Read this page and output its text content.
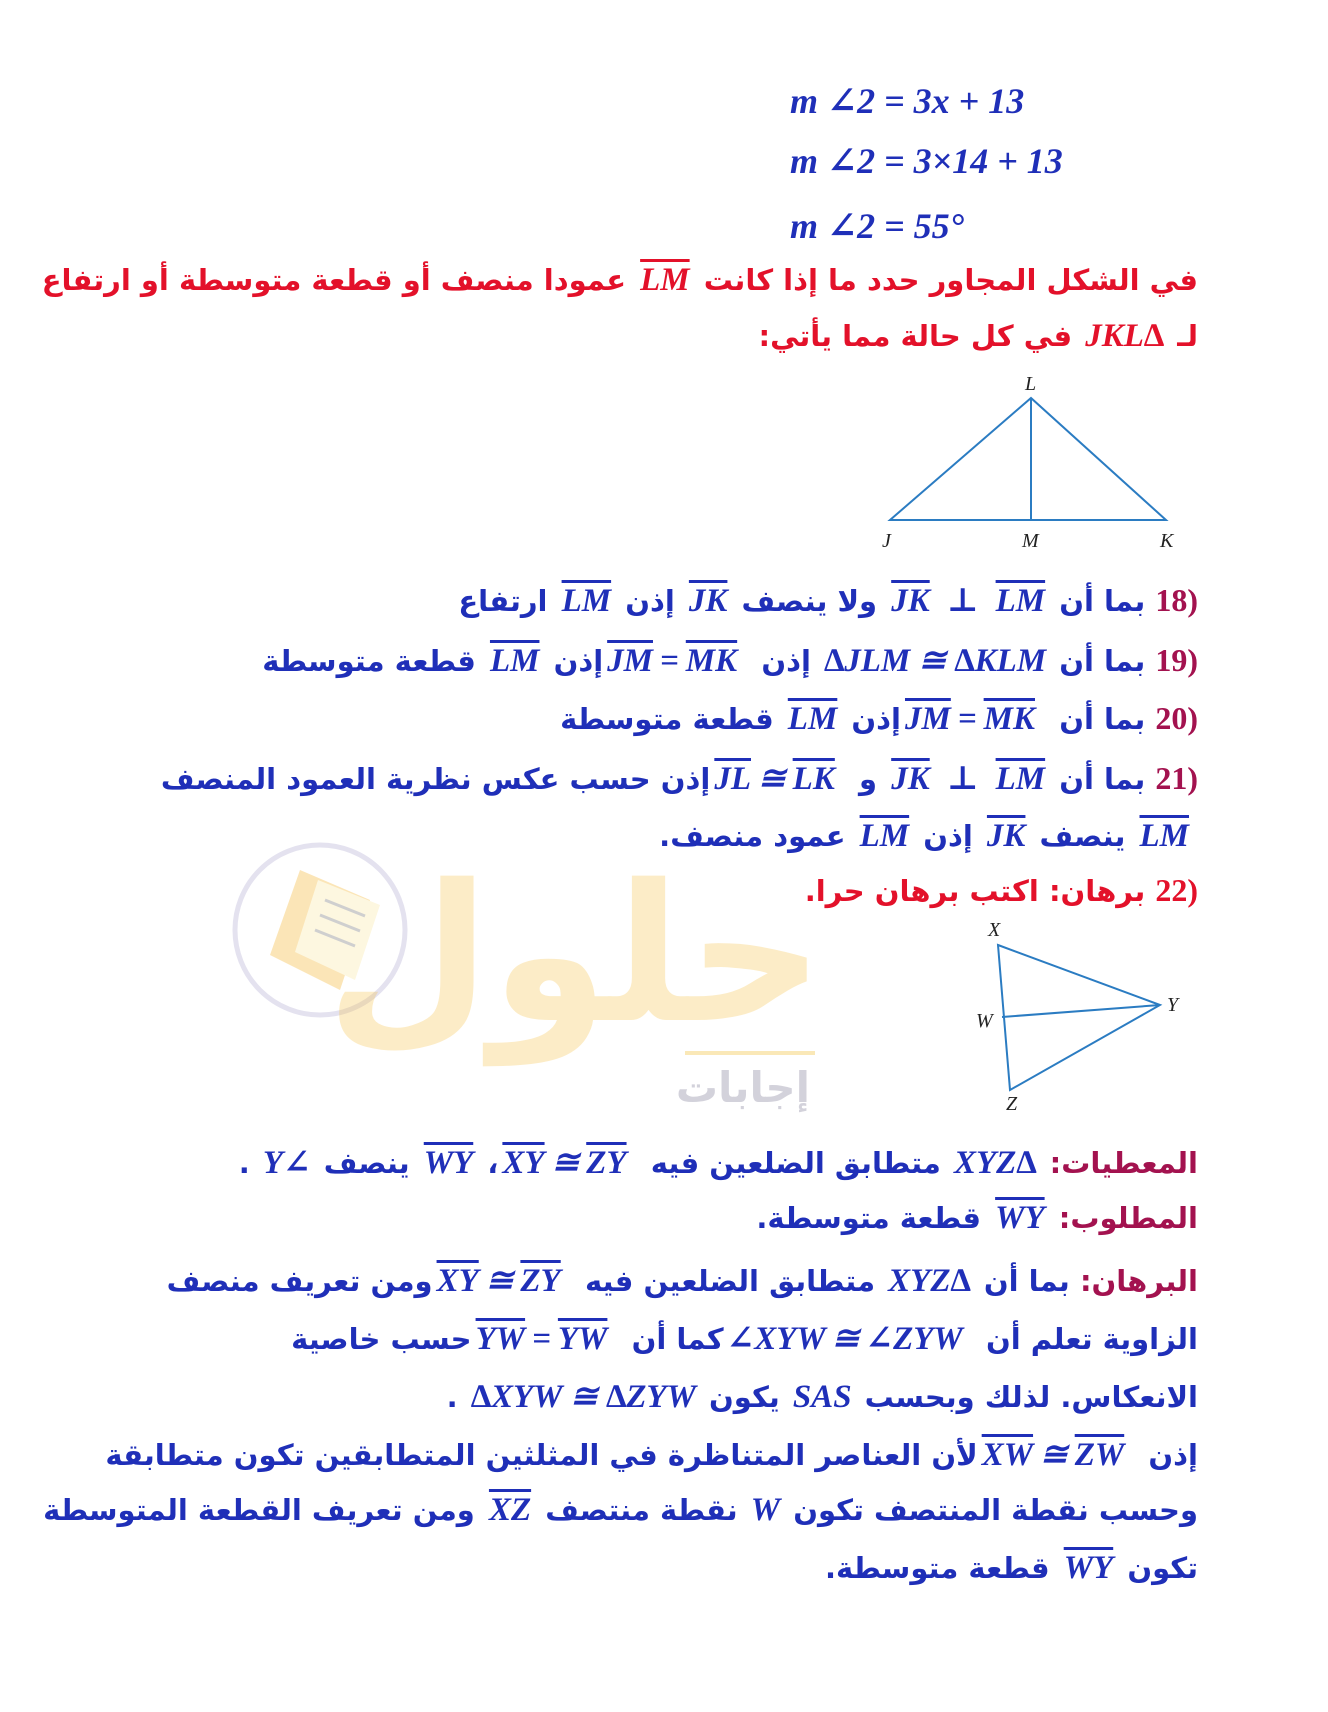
m ∠2 = 3x + 13
m ∠2 = 3×14 + 13
m ∠2 = 55°
في الشكل المجاور حدد ما إذا كانت LM عمودا منصف أو قطعة متوسطة أو ارتفاع
لـ ∆JKL في كل حالة مما يأتي:
L
J	M	K
(18 بما أن JK ⊥ LM ولا ينصف JK إذن LM ارتفاع
(19 بما أن ∆JLM ≅ ∆KLM إذن $\overline{JM} = \overline{MK}$ إذن LM قطعة متوسطة
(20 بما أن $\overline{JM} = \overline{MK}$ إذن LM قطعة متوسطة
(21 بما أن JK ⊥ LM و $\overline{JL}$ ≅ $\overline{LK}$ إذن حسب عكس نظرية العمود المنصف
LM ينصف JK إذن LM عمود منصف.
(22 برهان: اكتب برهان حرا.
حلول
إجابات
X
Y
W
Z
المعطيات: ∆XYZ متطابق الضلعين فيه $\overline{XY}$ ≅ $\overline{ZY}$ ، WY ينصف ∠Y .
المطلوب: WY قطعة متوسطة.
البرهان: بما أن ∆XYZ متطابق الضلعين فيه $\overline{XY}$ ≅ $\overline{ZY}$ ومن تعريف منصف
الزاوية تعلم أن ∠XYW ≅ ∠ZYW كما أن $\overline{YW} = \overline{YW}$ حسب خاصية
الانعكاس. لذلك وبحسب SAS يكون ∆XYW ≅ ∆ZYW .
إذن $\overline{XW}$ ≅ $\overline{ZW}$ لأن العناصر المتناظرة في المثلثين المتطابقين تكون متطابقة
وحسب نقطة المنتصف تكون W نقطة منتصف XZ ومن تعريف القطعة المتوسطة
تكون WY قطعة متوسطة.
